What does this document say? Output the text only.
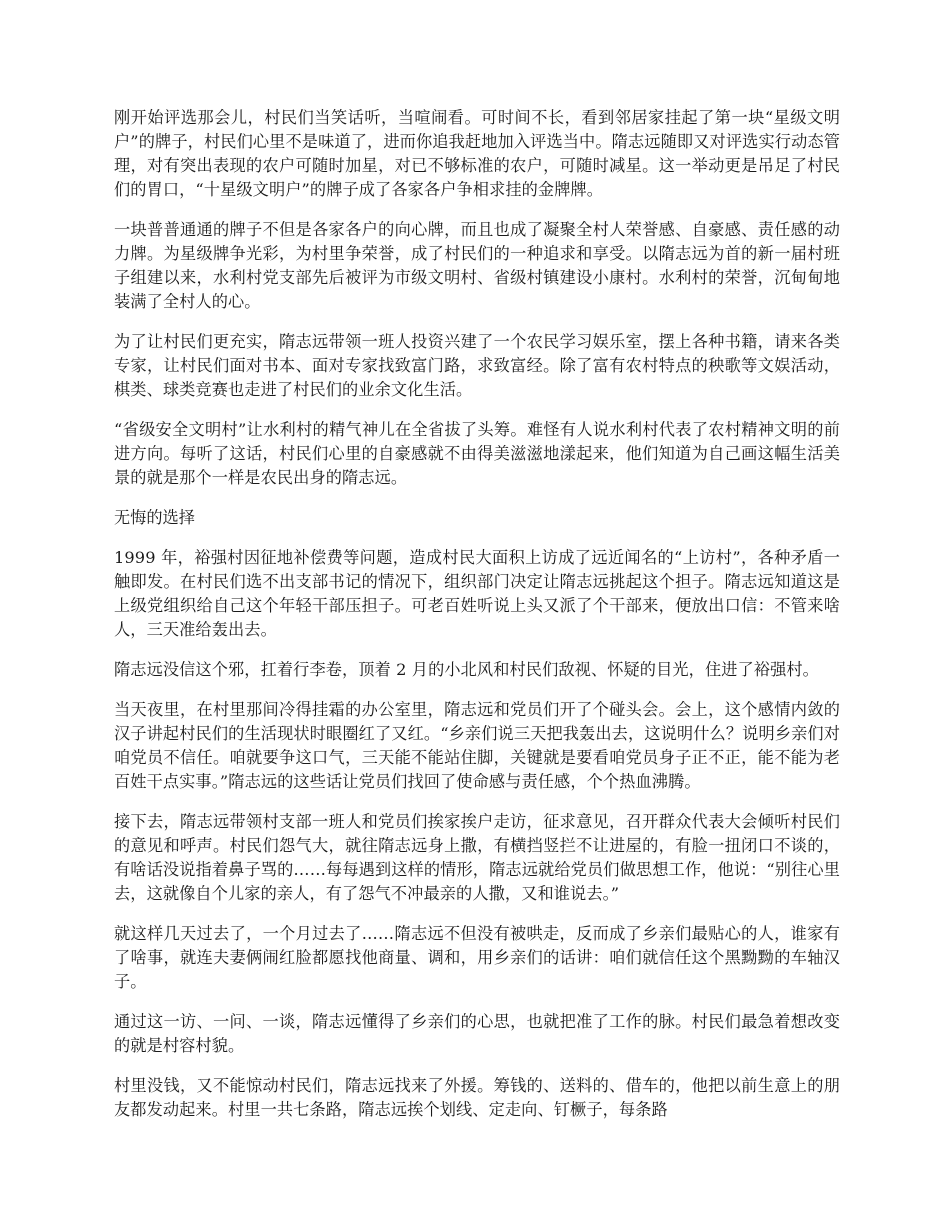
刚开始评选那会儿，村民们当笑话听，当喧闹看。可时间不长，看到邻居家挂起了第一块“星级文明户”的牌子，村民们心里不是味道了，进而你追我赶地加入评选当中。隋志远随即又对评选实行动态管理，对有突出表现的农户可随时加星，对已不够标准的农户，可随时减星。这一举动更是吊足了村民们的胃口，“十星级文明户”的牌子成了各家各户争相求挂的金牌牌。

一块普普通通的牌子不但是各家各户的向心牌，而且也成了凝聚全村人荣誉感、自豪感、责任感的动力牌。为星级牌争光彩，为村里争荣誉，成了村民们的一种追求和享受。以隋志远为首的新一届村班子组建以来，水利村党支部先后被评为市级文明村、省级村镇建设小康村。水利村的荣誉，沉甸甸地装满了全村人的心。

为了让村民们更充实，隋志远带领一班人投资兴建了一个农民学习娱乐室，摆上各种书籍，请来各类专家，让村民们面对书本、面对专家找致富门路，求致富经。除了富有农村特点的秧歌等文娱活动，棋类、球类竞赛也走进了村民们的业余文化生活。

“省级安全文明村”让水利村的精气神儿在全省拔了头筹。难怪有人说水利村代表了农村精神文明的前进方向。每听了这话，村民们心里的自豪感就不由得美滋滋地漾起来，他们知道为自己画这幅生活美景的就是那个一样是农民出身的隋志远。

无悔的选择

1999 年，裕强村因征地补偿费等问题，造成村民大面积上访成了远近闻名的“上访村”，各种矛盾一触即发。在村民们选不出支部书记的情况下，组织部门决定让隋志远挑起这个担子。隋志远知道这是上级党组织给自己这个年轻干部压担子。可老百姓听说上头又派了个干部来，便放出口信：不管来啥人，三天准给轰出去。

隋志远没信这个邪，扛着行李卷，顶着 2 月的小北风和村民们敌视、怀疑的目光，住进了裕强村。

当天夜里，在村里那间冷得挂霜的办公室里，隋志远和党员们开了个碰头会。会上，这个感情内敛的汉子讲起村民们的生活现状时眼圈红了又红。“乡亲们说三天把我轰出去，这说明什么？说明乡亲们对咱党员不信任。咱就要争这口气，三天能不能站住脚，关键就是要看咱党员身子正不正，能不能为老百姓干点实事。”隋志远的这些话让党员们找回了使命感与责任感，个个热血沸腾。

接下去，隋志远带领村支部一班人和党员们挨家挨户走访，征求意见，召开群众代表大会倾听村民们的意见和呼声。村民们怨气大，就往隋志远身上撒，有横挡竖拦不让进屋的，有脸一扭闭口不谈的，有啥话没说指着鼻子骂的……每每遇到这样的情形，隋志远就给党员们做思想工作，他说：“别往心里去，这就像自个儿家的亲人，有了怨气不冲最亲的人撒，又和谁说去。”

就这样几天过去了，一个月过去了……隋志远不但没有被哄走，反而成了乡亲们最贴心的人，谁家有了啥事，就连夫妻俩闹红脸都愿找他商量、调和，用乡亲们的话讲：咱们就信任这个黑黝黝的车轴汉子。

通过这一访、一问、一谈，隋志远懂得了乡亲们的心思，也就把准了工作的脉。村民们最急着想改变的就是村容村貌。

村里没钱，又不能惊动村民们，隋志远找来了外援。筹钱的、送料的、借车的，他把以前生意上的朋友都发动起来。村里一共七条路，隋志远挨个划线、定走向、钉橛子，每条路
